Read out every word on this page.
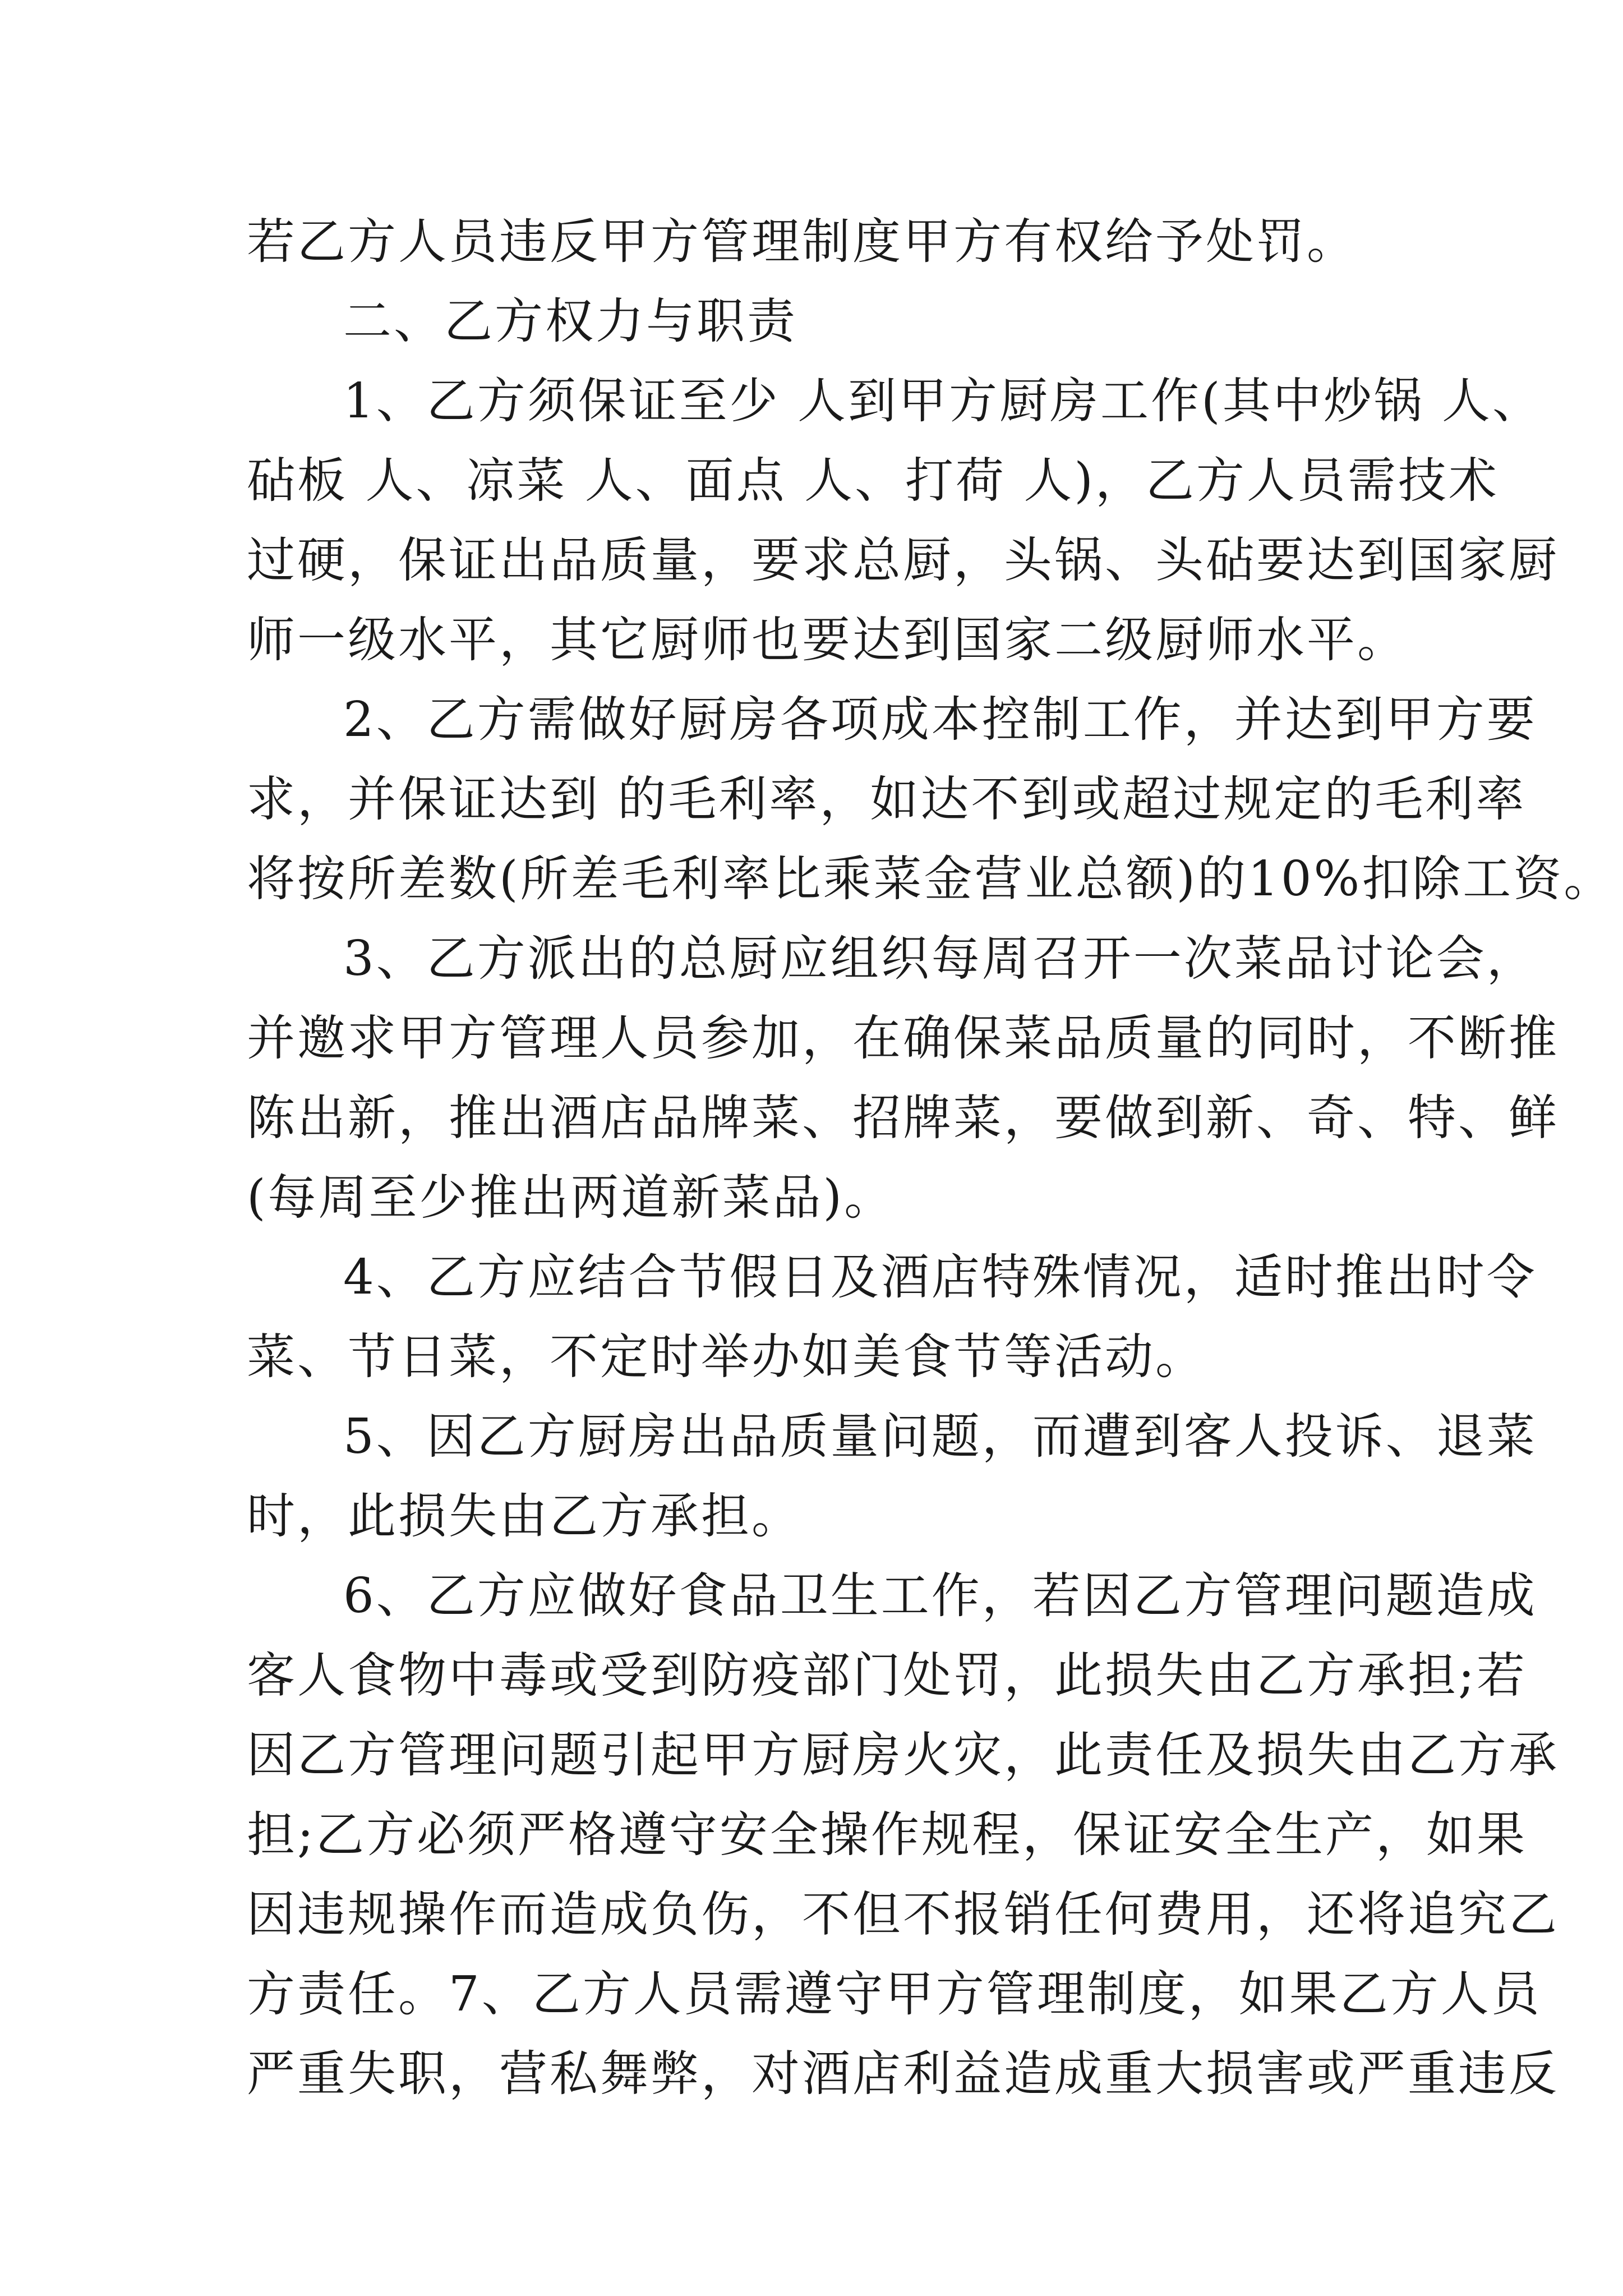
若乙方人员违反甲方管理制度甲方有权给予处罚。
二、乙方权力与职责
1、乙方须保证至少 人到甲方厨房工作(其中炒锅 人、
砧板 人、凉菜 人、面点 人、打荷 人)，乙方人员需技术
过硬，保证出品质量，要求总厨，头锅、头砧要达到国家厨
师一级水平，其它厨师也要达到国家二级厨师水平。
2、乙方需做好厨房各项成本控制工作，并达到甲方要
求，并保证达到 的毛利率，如达不到或超过规定的毛利率
将按所差数(所差毛利率比乘菜金营业总额)的10%扣除工资。
3、乙方派出的总厨应组织每周召开一次菜品讨论会，
并邀求甲方管理人员参加，在确保菜品质量的同时，不断推
陈出新，推出酒店品牌菜、招牌菜，要做到新、奇、特、鲜
(每周至少推出两道新菜品)。
4、乙方应结合节假日及酒店特殊情况，适时推出时令
菜、节日菜，不定时举办如美食节等活动。
5、因乙方厨房出品质量问题，而遭到客人投诉、退菜
时，此损失由乙方承担。
6、乙方应做好食品卫生工作，若因乙方管理问题造成
客人食物中毒或受到防疫部门处罚，此损失由乙方承担;若
因乙方管理问题引起甲方厨房火灾，此责任及损失由乙方承
担;乙方必须严格遵守安全操作规程，保证安全生产，如果
因违规操作而造成负伤，不但不报销任何费用，还将追究乙
方责任。7、乙方人员需遵守甲方管理制度，如果乙方人员
严重失职，营私舞弊，对酒店利益造成重大损害或严重违反
